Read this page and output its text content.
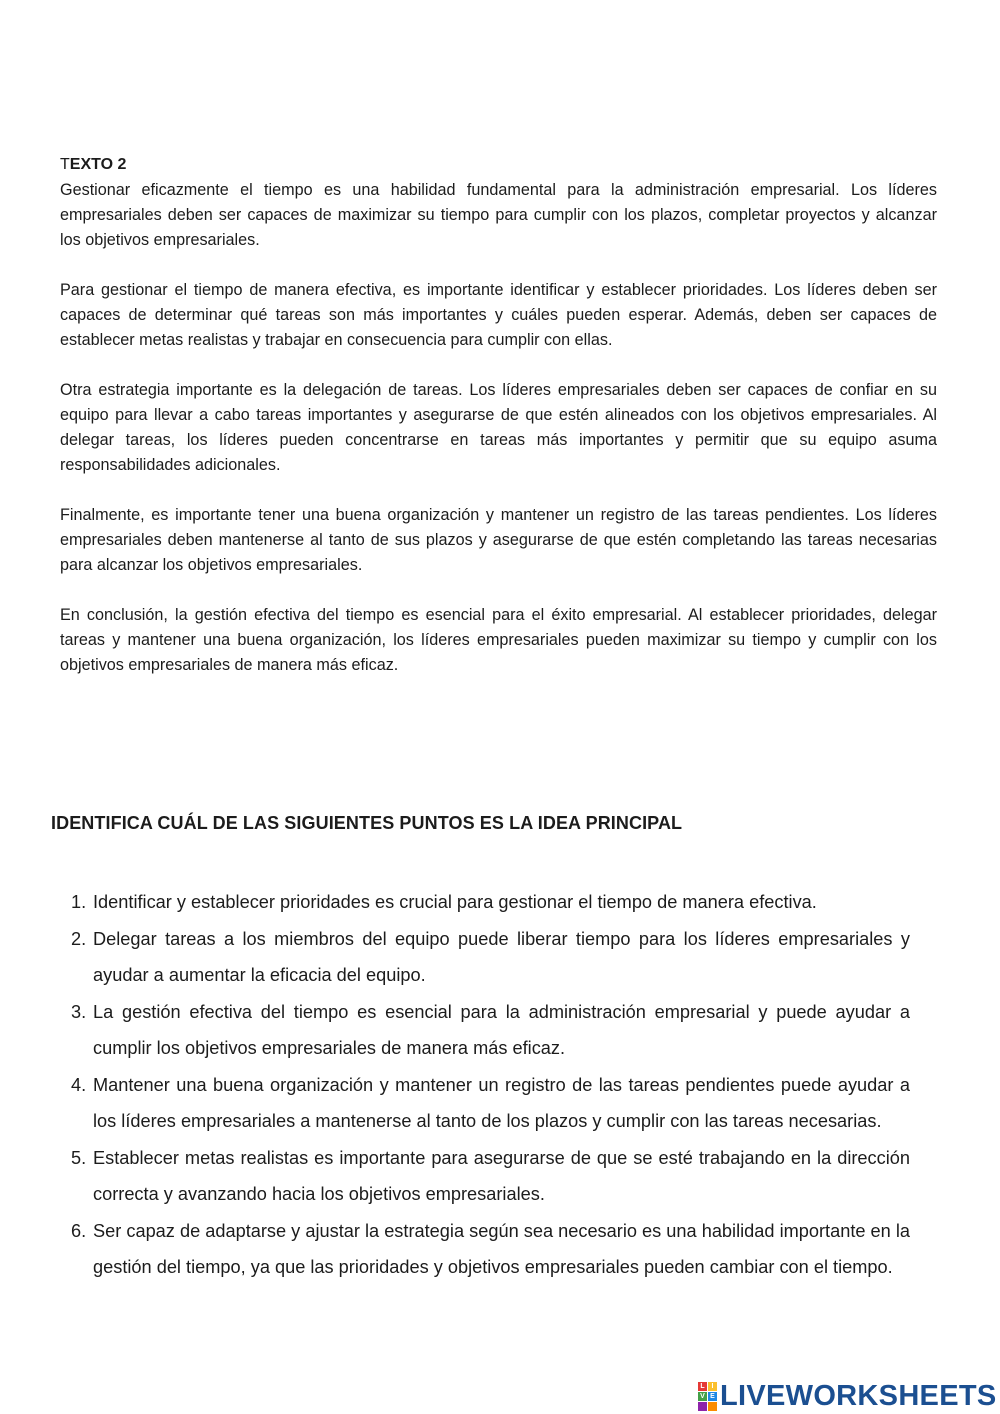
TEXTO 2

Gestionar eficazmente el tiempo es una habilidad fundamental para la administración empresarial. Los líderes empresariales deben ser capaces de maximizar su tiempo para cumplir con los plazos, completar proyectos y alcanzar los objetivos empresariales.

Para gestionar el tiempo de manera efectiva, es importante identificar y establecer prioridades. Los líderes deben ser capaces de determinar qué tareas son más importantes y cuáles pueden esperar. Además, deben ser capaces de establecer metas realistas y trabajar en consecuencia para cumplir con ellas.

Otra estrategia importante es la delegación de tareas. Los líderes empresariales deben ser capaces de confiar en su equipo para llevar a cabo tareas importantes y asegurarse de que estén alineados con los objetivos empresariales. Al delegar tareas, los líderes pueden concentrarse en tareas más importantes y permitir que su equipo asuma responsabilidades adicionales.

Finalmente, es importante tener una buena organización y mantener un registro de las tareas pendientes. Los líderes empresariales deben mantenerse al tanto de sus plazos y asegurarse de que estén completando las tareas necesarias para alcanzar los objetivos empresariales.

En conclusión, la gestión efectiva del tiempo es esencial para el éxito empresarial. Al establecer prioridades, delegar tareas y mantener una buena organización, los líderes empresariales pueden maximizar su tiempo y cumplir con los objetivos empresariales de manera más eficaz.

IDENTIFICA CUÁL DE LAS SIGUIENTES PUNTOS ES LA IDEA PRINCIPAL
1. Identificar y establecer prioridades es crucial para gestionar el tiempo de manera efectiva.
2. Delegar tareas a los miembros del equipo puede liberar tiempo para los líderes empresariales y ayudar a aumentar la eficacia del equipo.
3. La gestión efectiva del tiempo es esencial para la administración empresarial y puede ayudar a cumplir los objetivos empresariales de manera más eficaz.
4. Mantener una buena organización y mantener un registro de las tareas pendientes puede ayudar a los líderes empresariales a mantenerse al tanto de los plazos y cumplir con las tareas necesarias.
5. Establecer metas realistas es importante para asegurarse de que se esté trabajando en la dirección correcta y avanzando hacia los objetivos empresariales.
6. Ser capaz de adaptarse y ajustar la estrategia según sea necesario es una habilidad importante en la gestión del tiempo, ya que las prioridades y objetivos empresariales pueden cambiar con el tiempo.
L I
V E LIVEWORKSHEETS
